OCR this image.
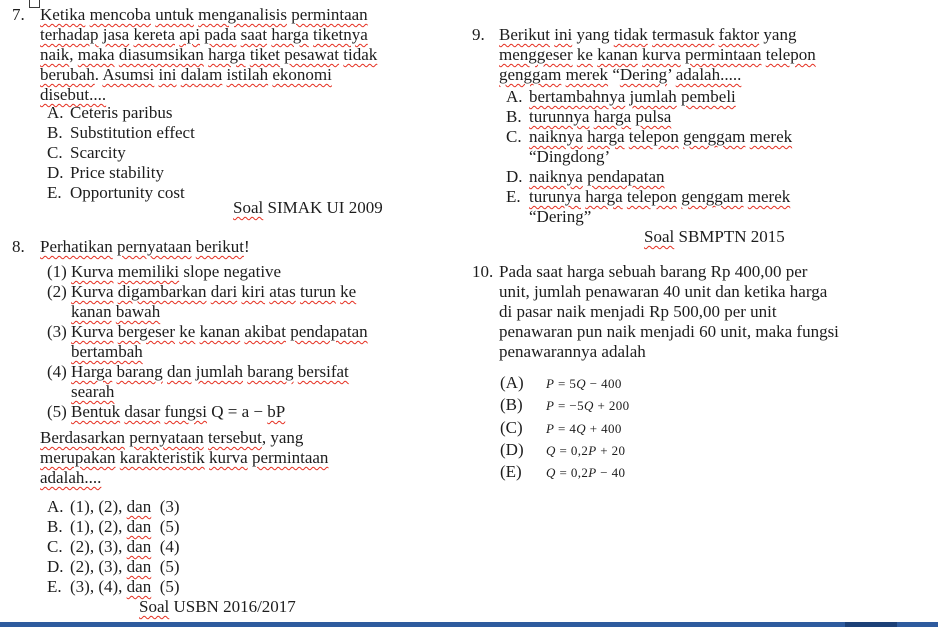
7. Ketika mencoba untuk menganalisis permintaan
terhadap jasa kereta api pada saat harga tiketnya
naik, maka diasumsikan harga tiket pesawat tidak
berubah. Asumsi ini dalam istilah ekonomi
disebut....
A. Ceteris paribus
B. Substitution effect
C. Scarcity
D. Price stability
E. Opportunity cost
Soal SIMAK UI 2009
8. Perhatikan pernyataan berikut!
(1) Kurva memiliki slope negative
(2) Kurva digambarkan dari kiri atas turun ke
kanan bawah
(3) Kurva bergeser ke kanan akibat pendapatan
bertambah
(4) Harga barang dan jumlah barang bersifat
searah
(5) Bentuk dasar fungsi Q = a − bP
Berdasarkan pernyataan tersebut, yang
merupakan karakteristik kurva permintaan
adalah....
A. (1), (2), dan  (3)
B. (1), (2), dan  (5)
C. (2), (3), dan  (4)
D. (2), (3), dan  (5)
E. (3), (4), dan  (5)
Soal USBN 2016/2017
9. Berikut ini yang tidak termasuk faktor yang
menggeser ke kanan kurva permintaan telepon
genggam merek “Dering’ adalah.....
A. bertambahnya jumlah pembeli
B. turunnya harga pulsa
C. naiknya harga telepon genggam merek
“Dingdong’
D. naiknya pendapatan
E. turunya harga telepon genggam merek
“Dering”
Soal SBMPTN 2015
10. Pada saat harga sebuah barang Rp 400,00 per
unit, jumlah penawaran 40 unit dan ketika harga
di pasar naik menjadi Rp 500,00 per unit
penawaran pun naik menjadi 60 unit, maka fungsi
penawarannya adalah
(A)	P = 5Q − 400
(B)	P = −5Q + 200
(C)	P = 4Q + 400
(D)	Q = 0,2P + 20
(E)	Q = 0,2P − 40
